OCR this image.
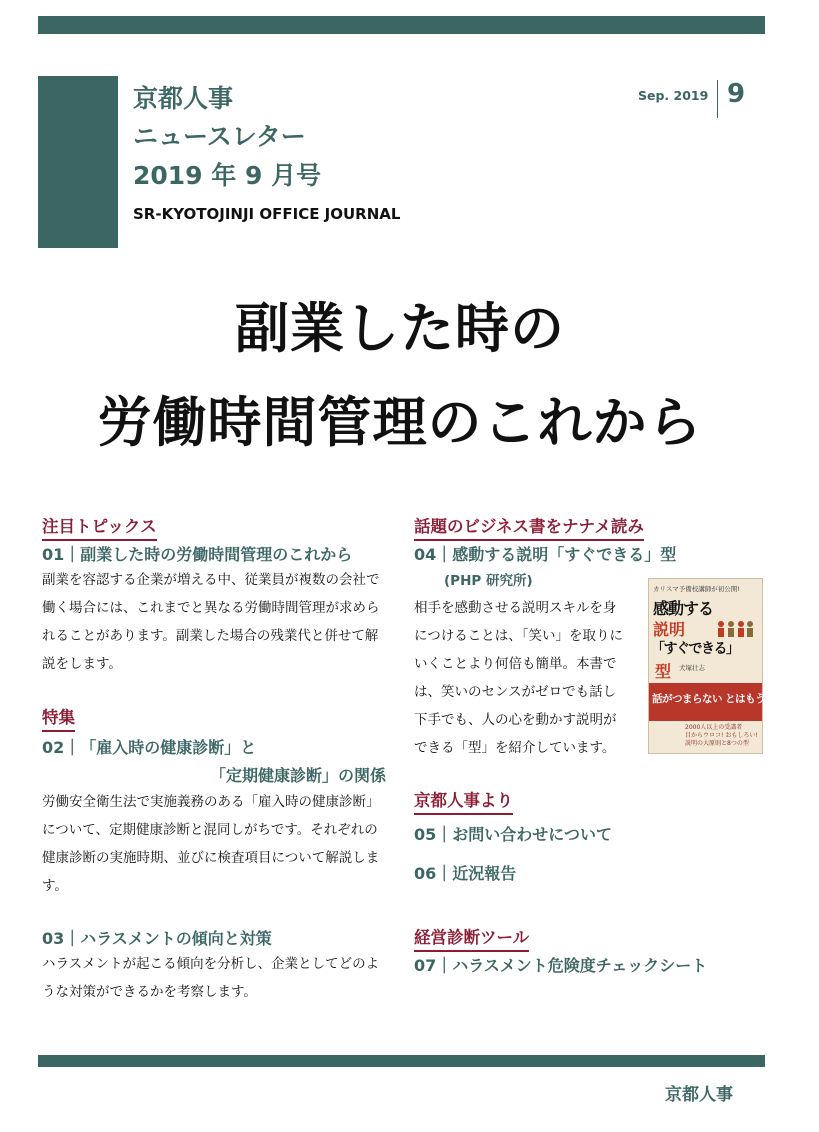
京都人事
ニュースレター
2019 年 9 月号
SR-KYOTOJINJI OFFICE JOURNAL
Sep. 2019 9
副業した時の
労働時間管理のこれから
注目トピックス
01｜副業した時の労働時間管理のこれから
副業を容認する企業が増える中、従業員が複数の会社で
働く場合には、これまでと異なる労働時間管理が求めら
れることがあります。副業した場合の残業代と併せて解
説をします。
特集
02｜「雇入時の健康診断」と
「定期健康診断」の関係
労働安全衛生法で実施義務のある「雇入時の健康診断」
について、定期健康診断と混同しがちです。それぞれの
健康診断の実施時期、並びに検査項目について解説しま
す。
03｜ハラスメントの傾向と対策
ハラスメントが起こる傾向を分析し、企業としてどのよ
うな対策ができるかを考察します。
話題のビジネス書をナナメ読み
04｜感動する説明「すぐできる」型
(PHP 研究所)
相手を感動させる説明スキルを身
につけることは、「笑い」を取りに
いくことより何倍も簡単。本書で
は、笑いのセンスがゼロでも話し
下手でも、人の心を動かす説明が
できる「型」を紹介しています。
カリスマ予備校講師が初公開!
感動する
説明
「すぐできる」
型 犬塚壮志
話がつまらない とはもう言わせない!
2000人以上の受講者
目からウロコ! おもしろい!
説明の大原則と8つの型
京都人事より
05｜お問い合わせについて
06｜近況報告
経営診断ツール
07｜ハラスメント危険度チェックシート
京都人事
